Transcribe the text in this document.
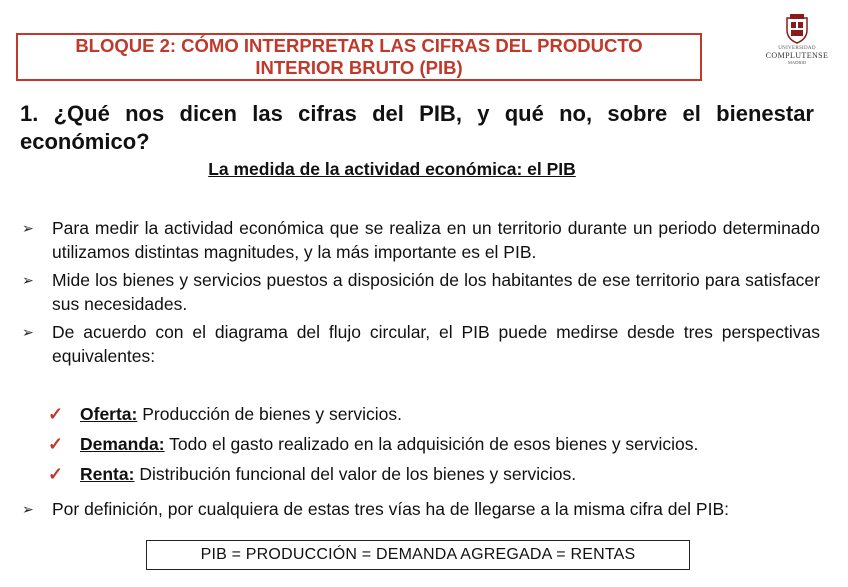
BLOQUE 2: CÓMO INTERPRETAR LAS CIFRAS DEL PRODUCTO
INTERIOR BRUTO (PIB)
UNIVERSIDAD
COMPLUTENSE
MADRID
1. ¿Qué nos dicen las cifras del PIB, y qué no, sobre el bienestar económico?
La medida de la actividad económica: el PIB
➢ Para medir la actividad económica que se realiza en un territorio durante un periodo determinado utilizamos distintas magnitudes, y la más importante es el PIB.
➢ Mide los bienes y servicios puestos a disposición de los habitantes de ese territorio para satisfacer sus necesidades.
➢ De acuerdo con el diagrama del flujo circular, el PIB puede medirse desde tres perspectivas equivalentes:
✓ Oferta: Producción de bienes y servicios.
✓ Demanda: Todo el gasto realizado en la adquisición de esos bienes y servicios.
✓ Renta: Distribución funcional del valor de los bienes y servicios.
➢ Por definición, por cualquiera de estas tres vías ha de llegarse a la misma cifra del PIB:
PIB = PRODUCCIÓN = DEMANDA AGREGADA = RENTAS
